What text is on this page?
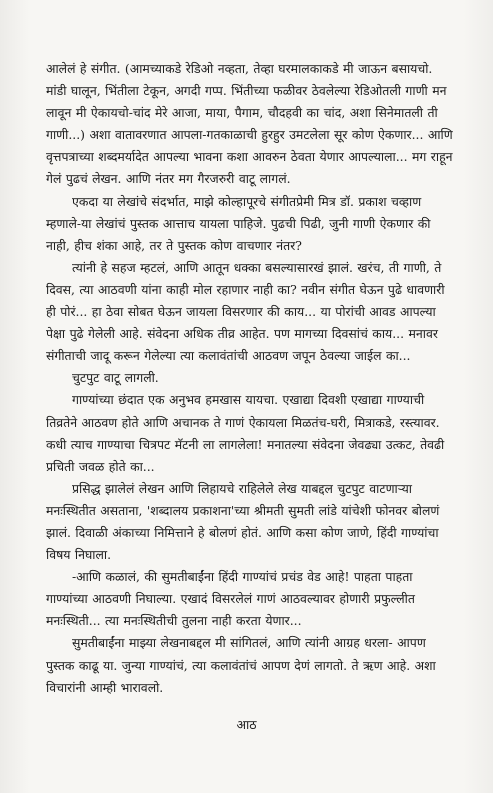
आलेलं हे संगीत. (आमच्याकडे रेडिओ नव्हता, तेव्हा घरमालकाकडे मी जाऊन बसायचो. मांडी घालून, भिंतीला टेकून, अगदी गप्प. भिंतीच्या फळीवर ठेवलेल्या रेडिओतली गाणी मन लावून मी ऐकायचो-चांद मेरे आजा, माया, पैगाम, चौदहवी का चांद, अशा सिनेमातली ती गाणी...) अशा वातावरणात आपला-गतकाळाची हुरहुर उमटलेला सूर कोण ऐकणार... आणि वृत्तपत्राच्या शब्दमर्यादेत आपल्या भावना कशा आवरुन ठेवता येणार आपल्याला... मग राहून गेलं पुढचं लेखन. आणि नंतर मग गैरजरुरी वाटू लागलं.

एकदा या लेखांचे संदर्भात, माझे कोल्हापूरचे संगीतप्रेमी मित्र डॉ. प्रकाश चव्हाण म्हणाले-या लेखांचं पुस्तक आत्ताच यायला पाहिजे. पुढची पिढी, जुनी गाणी ऐकणार की नाही, हीच शंका आहे, तर ते पुस्तक कोण वाचणार नंतर?

त्यांनी हे सहज म्हटलं, आणि आतून धक्का बसल्यासारखं झालं. खरंच, ती गाणी, ते दिवस, त्या आठवणी यांना काही मोल रहाणार नाही का? नवीन संगीत घेऊन पुढे धावणारी ही पोरं... हा ठेवा सोबत घेऊन जायला विसरणार की काय... या पोरांची आवड आपल्या पेक्षा पुढे गेलेली आहे. संवेदना अधिक तीव्र आहेत. पण मागच्या दिवसांचं काय... मनावर संगीताची जादू करून गेलेल्या त्या कलावंतांची आठवण जपून ठेवल्या जाईल का...

चुटपुट वाटू लागली.

गाण्यांच्या छंदात एक अनुभव हमखास यायचा. एखाद्या दिवशी एखाद्या गाण्याची तिव्रतेने आठवण होते आणि अचानक ते गाणं ऐकायला मिळतंच-घरी, मित्राकडे, रस्त्यावर. कधी त्याच गाण्याचा चित्रपट मॅटनी ला लागलेला! मनातल्या संवेदना जेवढ्या उत्कट, तेवढी प्रचिती जवळ होते का...

प्रसिद्ध झालेलं लेखन आणि लिहायचे राहिलेले लेख याबद्दल चुटपुट वाटणाऱ्या मनःस्थितीत असताना, 'शब्दालय प्रकाशना'च्या श्रीमती सुमती लांडे यांचेशी फोनवर बोलणं झालं. दिवाळी अंकाच्या निमित्ताने हे बोलणं होतं. आणि कसा कोण जाणे, हिंदी गाण्यांचा विषय निघाला.

-आणि कळालं, की सुमतीबाईंना हिंदी गाण्यांचं प्रचंड वेड आहे! पाहता पाहता गाण्यांच्या आठवणी निघाल्या. एखादं विसरलेलं गाणं आठवल्यावर होणारी प्रफुल्लीत मनःस्थिती... त्या मनःस्थितीची तुलना नाही करता येणार...

सुमतीबाईंना माझ्या लेखनाबद्दल मी सांगितलं, आणि त्यांनी आग्रह धरला- आपण पुस्तक काढू या. जुन्या गाण्यांचं, त्या कलावंतांचं आपण देणं लागतो. ते ऋण आहे. अशा विचारांनी आम्ही भारावलो.

आठ
